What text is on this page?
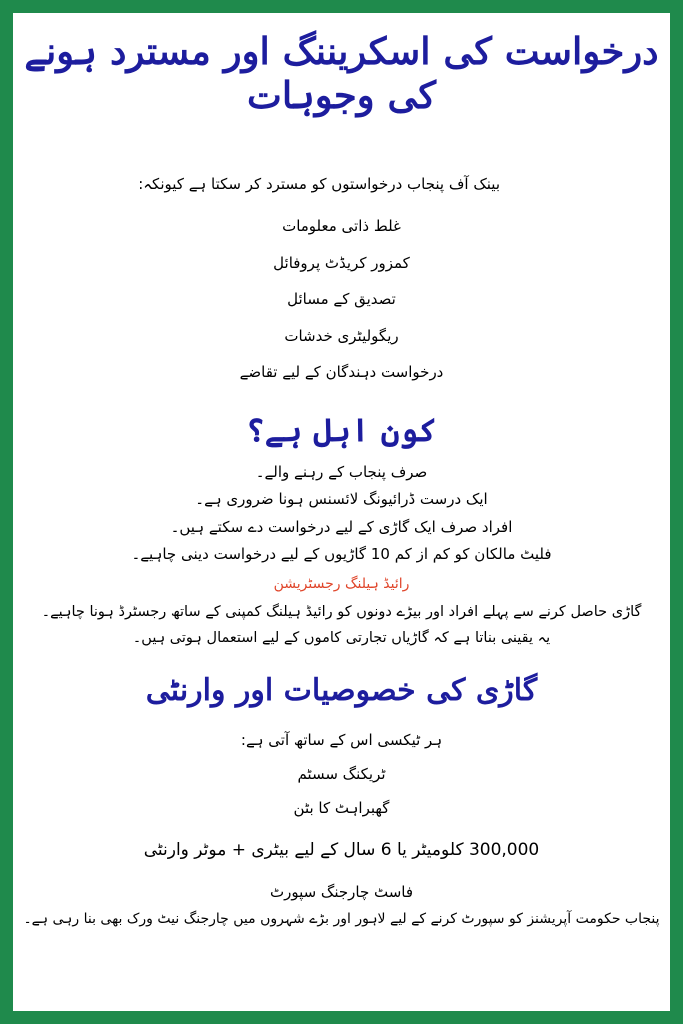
درخواست کی اسکریننگ اور مسترد ہونے کی وجوہات

بینک آف پنجاب درخواستوں کو مسترد کر سکتا ہے کیونکہ:

غلط ذاتی معلومات

کمزور کریڈٹ پروفائل

تصدیق کے مسائل

ریگولیٹری خدشات

درخواست دہندگان کے لیے تقاضے

کون اہل ہے؟

صرف پنجاب کے رہنے والے۔

ایک درست ڈرائیونگ لائسنس ہونا ضروری ہے۔

افراد صرف ایک گاڑی کے لیے درخواست دے سکتے ہیں۔

فلیٹ مالکان کو کم از کم 10 گاڑیوں کے لیے درخواست دینی چاہیے۔

رائیڈ ہیلنگ رجسٹریشن

گاڑی حاصل کرنے سے پہلے افراد اور بیڑے دونوں کو رائیڈ ہیلنگ کمپنی کے ساتھ رجسٹرڈ ہونا چاہیے۔

یہ یقینی بناتا ہے کہ گاڑیاں تجارتی کاموں کے لیے استعمال ہوتی ہیں۔

گاڑی کی خصوصیات اور وارنٹی

ہر ٹیکسی اس کے ساتھ آتی ہے:

ٹریکنگ سسٹم

گھبراہٹ کا بٹن

300,000 کلومیٹر یا 6 سال کے لیے بیٹری + موٹر وارنٹی

فاسٹ چارجنگ سپورٹ

پنجاب حکومت آپریشنز کو سپورٹ کرنے کے لیے لاہور اور بڑے شہروں میں چارجنگ نیٹ ورک بھی بنا رہی ہے۔
